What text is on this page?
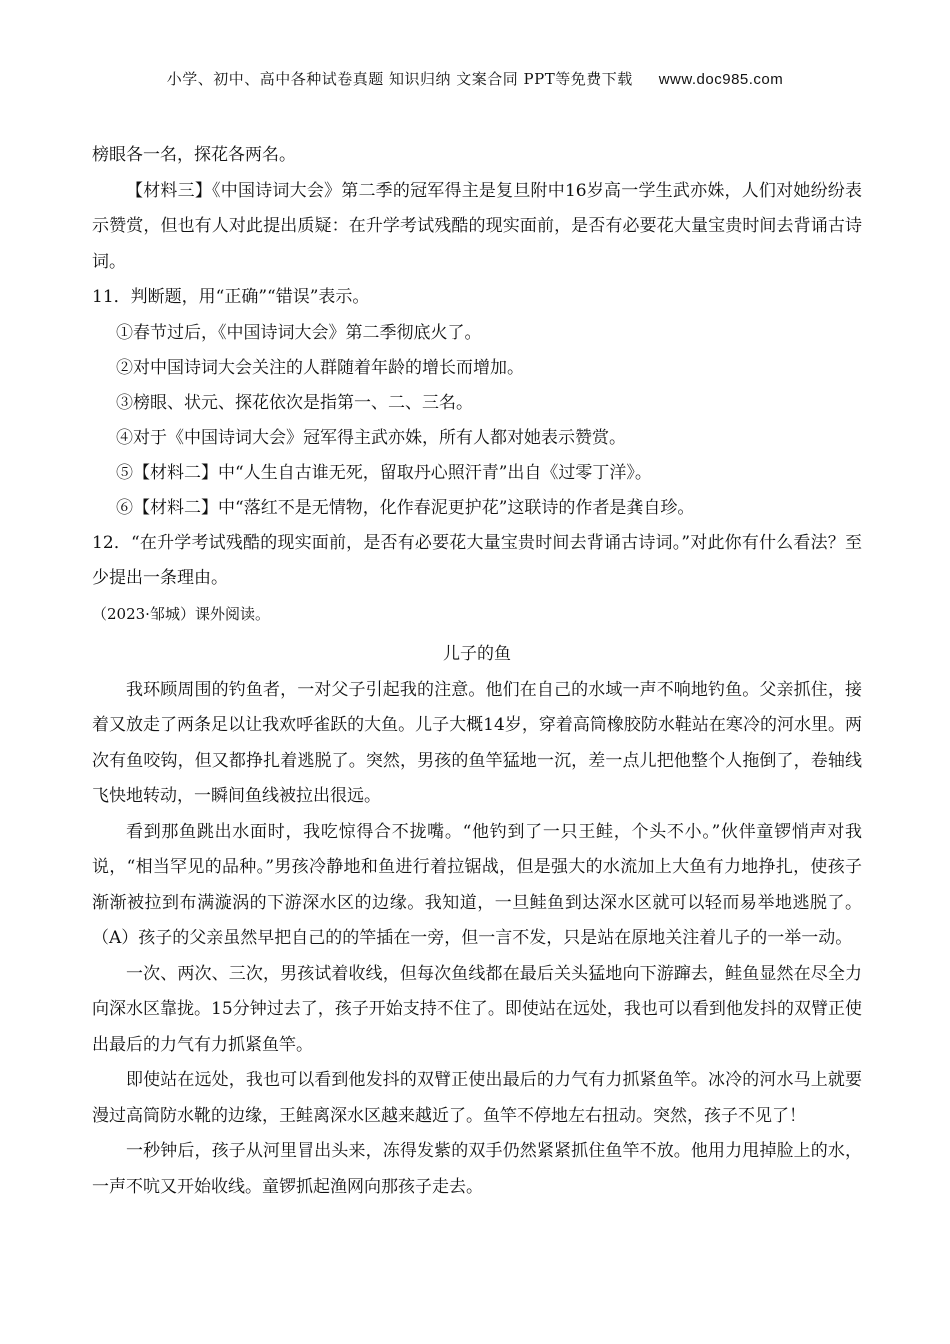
小学、初中、高中各种试卷真题 知识归纳 文案合同 PPT等免费下载 www.doc985.com

榜眼各一名，探花各两名。

【材料三】《中国诗词大会》第二季的冠军得主是复旦附中16岁高一学生武亦姝，人们对她纷纷表示赞赏，但也有人对此提出质疑：在升学考试残酷的现实面前，是否有必要花大量宝贵时间去背诵古诗词。

11．判断题，用“正确”“错误”表示。

①春节过后，《中国诗词大会》第二季彻底火了。

②对中国诗词大会关注的人群随着年龄的增长而增加。

③榜眼、状元、探花依次是指第一、二、三名。

④对于《中国诗词大会》冠军得主武亦姝，所有人都对她表示赞赏。

⑤【材料二】中“人生自古谁无死，留取丹心照汗青”出自《过零丁洋》。

⑥【材料二】中“落红不是无情物，化作春泥更护花”这联诗的作者是龚自珍。

12．“在升学考试残酷的现实面前，是否有必要花大量宝贵时间去背诵古诗词。”对此你有什么看法？至少提出一条理由。

（2023·邹城）课外阅读。

儿子的鱼

我环顾周围的钓鱼者，一对父子引起我的注意。他们在自己的水域一声不响地钓鱼。父亲抓住，接着又放走了两条足以让我欢呼雀跃的大鱼。儿子大概14岁，穿着高筒橡胶防水鞋站在寒冷的河水里。两次有鱼咬钩，但又都挣扎着逃脱了。突然，男孩的鱼竿猛地一沉，差一点儿把他整个人拖倒了，卷轴线飞快地转动，一瞬间鱼线被拉出很远。

看到那鱼跳出水面时，我吃惊得合不拢嘴。“他钓到了一只王鲑，个头不小。”伙伴童锣悄声对我说，“相当罕见的品种。”男孩冷静地和鱼进行着拉锯战，但是强大的水流加上大鱼有力地挣扎，使孩子渐渐被拉到布满漩涡的下游深水区的边缘。我知道，一旦鲑鱼到达深水区就可以轻而易举地逃脱了。（A）孩子的父亲虽然早把自己的的竿插在一旁，但一言不发，只是站在原地关注着儿子的一举一动。

一次、两次、三次，男孩试着收线，但每次鱼线都在最后关头猛地向下游蹿去，鲑鱼显然在尽全力向深水区靠拢。15分钟过去了，孩子开始支持不住了。即使站在远处，我也可以看到他发抖的双臂正使出最后的力气有力抓紧鱼竿。

即使站在远处，我也可以看到他发抖的双臂正使出最后的力气有力抓紧鱼竿。冰冷的河水马上就要漫过高筒防水靴的边缘，王鲑离深水区越来越近了。鱼竿不停地左右扭动。突然，孩子不见了！

一秒钟后，孩子从河里冒出头来，冻得发紫的双手仍然紧紧抓住鱼竿不放。他用力甩掉脸上的水，一声不吭又开始收线。童锣抓起渔网向那孩子走去。
